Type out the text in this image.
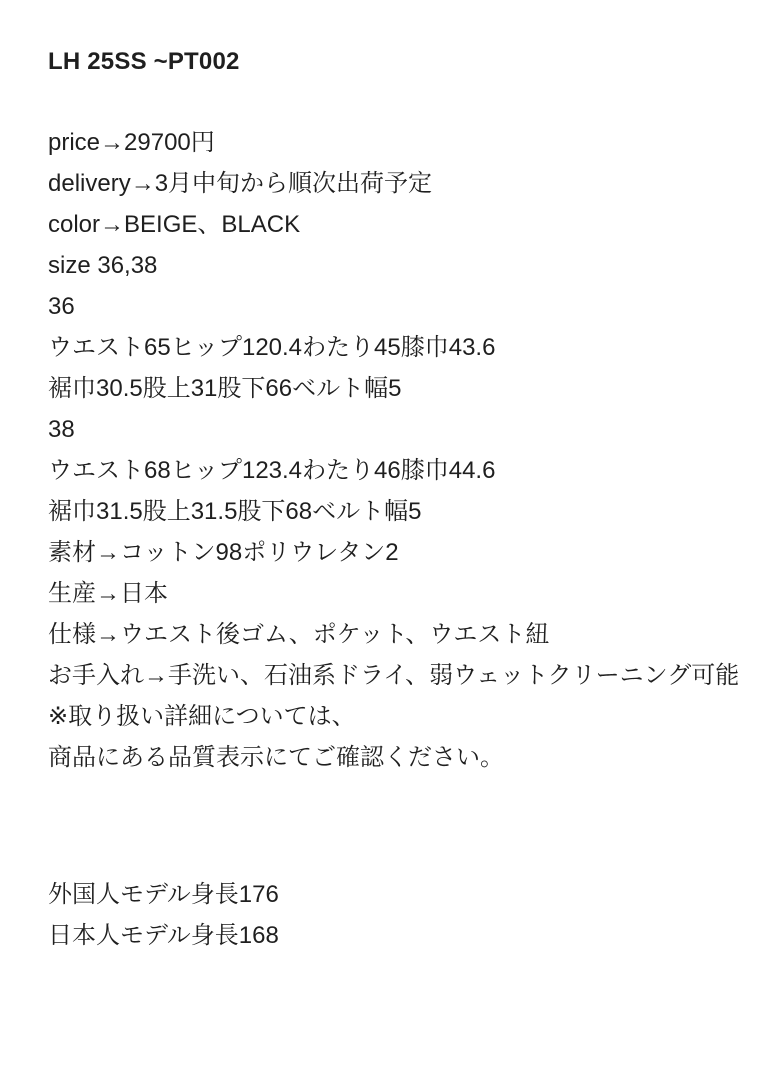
LH 25SS ~PT002

price→29700円

delivery→3月中旬から順次出荷予定

color→BEIGE、BLACK

size 36,38

36

ウエスト65ヒップ120.4わたり45膝巾43.6

裾巾30.5股上31股下66ベルト幅5

38

ウエスト68ヒップ123.4わたり46膝巾44.6

裾巾31.5股上31.5股下68ベルト幅5

素材→コットン98ポリウレタン2

生産→日本

仕様→ウエスト後ゴム、ポケット、ウエスト紐

お手入れ→手洗い、石油系ドライ、弱ウェットクリーニング可能

※取り扱い詳細については、

商品にある品質表示にてご確認ください。

外国人モデル身長176

日本人モデル身長168
